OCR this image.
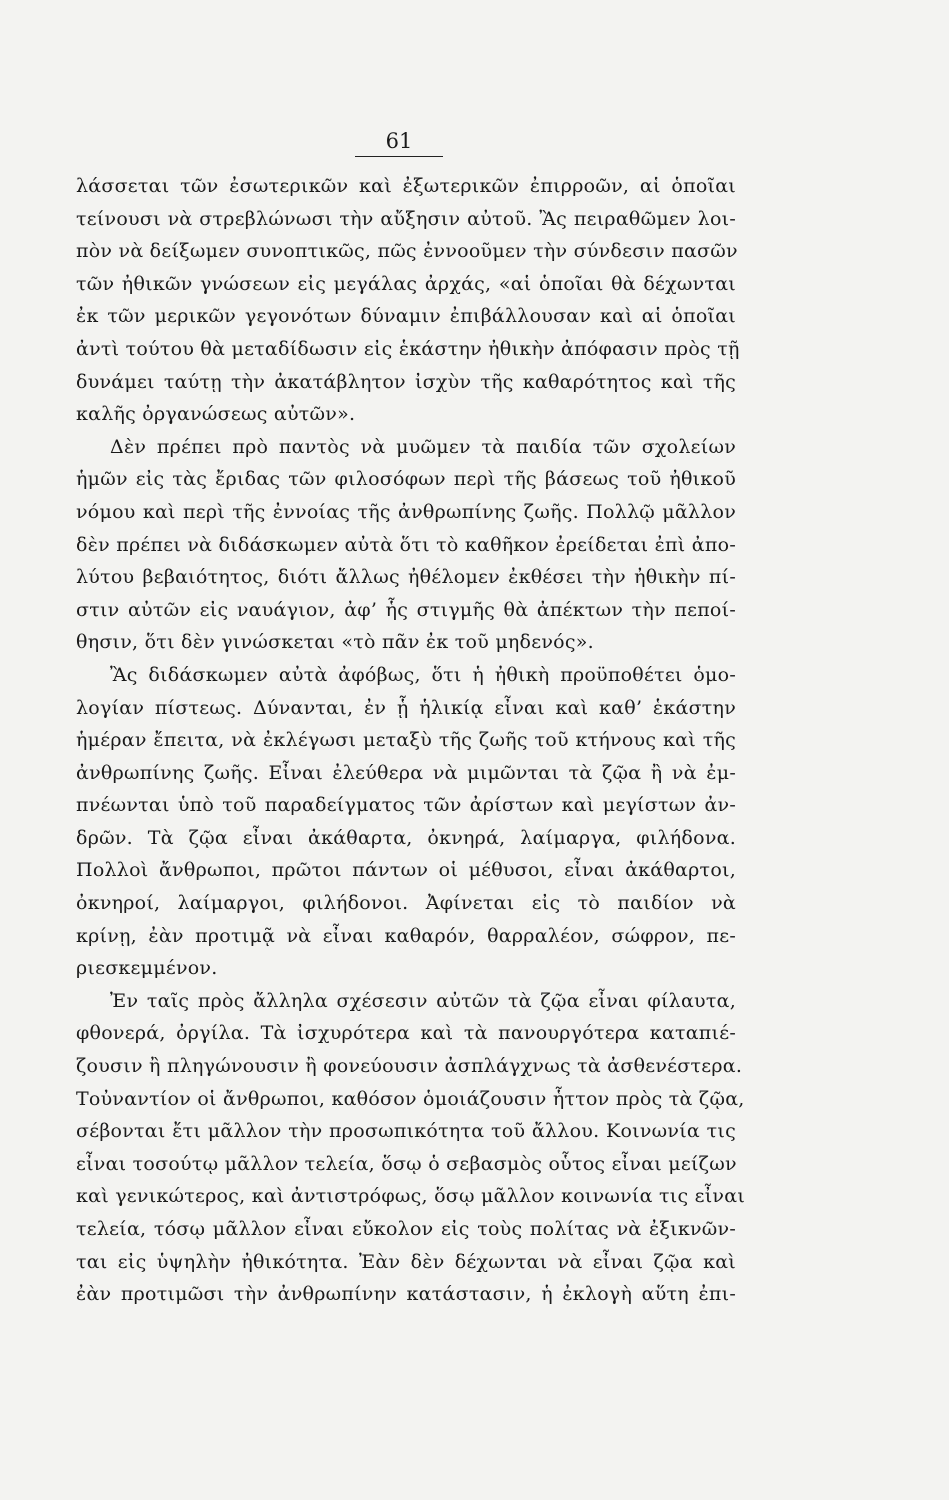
61
λάσσεται τῶν ἐσωτερικῶν καὶ ἐξωτερικῶν ἐπιρροῶν, αἱ ὁποῖαι
τείνουσι νὰ στρεβλώνωσι τὴν αὔξησιν αὐτοῦ. Ἂς πειραθῶμεν λοι-
πὸν νὰ δείξωμεν συνοπτικῶς, πῶς ἐννοοῦμεν τὴν σύνδεσιν πασῶν
τῶν ἠθικῶν γνώσεων εἰς μεγάλας ἀρχάς, «αἱ ὁποῖαι θὰ δέχωνται
ἐκ τῶν μερικῶν γεγονότων δύναμιν ἐπιβάλλουσαν καὶ αἱ ὁποῖαι
ἀντὶ τούτου θὰ μεταδίδωσιν εἰς ἑκάστην ἠθικὴν ἀπόφασιν πρὸς τῇ
δυνάμει ταύτῃ τὴν ἀκατάβλητον ἰσχὺν τῆς καθαρότητος καὶ τῆς
καλῆς ὀργανώσεως αὐτῶν».
Δὲν πρέπει πρὸ παντὸς νὰ μυῶμεν τὰ παιδία τῶν σχολείων
ἡμῶν εἰς τὰς ἔριδας τῶν φιλοσόφων περὶ τῆς βάσεως τοῦ ἠθικοῦ
νόμου καὶ περὶ τῆς ἐννοίας τῆς ἀνθρωπίνης ζωῆς. Πολλῷ μᾶλλον
δὲν πρέπει νὰ διδάσκωμεν αὐτὰ ὅτι τὸ καθῆκον ἐρείδεται ἐπὶ ἀπο-
λύτου βεβαιότητος, διότι ἄλλως ἠθέλομεν ἐκθέσει τὴν ἠθικὴν πί-
στιν αὐτῶν εἰς ναυάγιον, ἀφ’ ἧς στιγμῆς θὰ ἀπέκτων τὴν πεποί-
θησιν, ὅτι δὲν γινώσκεται «τὸ πᾶν ἐκ τοῦ μηδενός».
Ἂς διδάσκωμεν αὐτὰ ἀφόβως, ὅτι ἡ ἠθικὴ προϋποθέτει ὁμο-
λογίαν πίστεως. Δύνανται, ἐν ᾗ ἡλικίᾳ εἶναι καὶ καθ’ ἑκάστην
ἡμέραν ἔπειτα, νὰ ἐκλέγωσι μεταξὺ τῆς ζωῆς τοῦ κτήνους καὶ τῆς
ἀνθρωπίνης ζωῆς. Εἶναι ἐλεύθερα νὰ μιμῶνται τὰ ζῷα ἢ νὰ ἐμ-
πνέωνται ὑπὸ τοῦ παραδείγματος τῶν ἀρίστων καὶ μεγίστων ἀν-
δρῶν. Τὰ ζῷα εἶναι ἀκάθαρτα, ὀκνηρά, λαίμαργα, φιλήδονα.
Πολλοὶ ἄνθρωποι, πρῶτοι πάντων οἱ μέθυσοι, εἶναι ἀκάθαρτοι,
ὀκνηροί, λαίμαργοι, φιλήδονοι. Ἀφίνεται εἰς τὸ παιδίον νὰ
κρίνῃ, ἐὰν προτιμᾷ νὰ εἶναι καθαρόν, θαρραλέον, σώφρον, πε-
ριεσκεμμένον.
Ἐν ταῖς πρὸς ἄλληλα σχέσεσιν αὐτῶν τὰ ζῷα εἶναι φίλαυτα,
φθονερά, ὀργίλα. Τὰ ἰσχυρότερα καὶ τὰ πανουργότερα καταπιέ-
ζουσιν ἢ πληγώνουσιν ἢ φονεύουσιν ἀσπλάγχνως τὰ ἀσθενέστερα.
Τοὐναντίον οἱ ἄνθρωποι, καθόσον ὁμοιάζουσιν ἧττον πρὸς τὰ ζῷα,
σέβονται ἔτι μᾶλλον τὴν προσωπικότητα τοῦ ἄλλου. Κοινωνία τις
εἶναι τοσούτῳ μᾶλλον τελεία, ὅσῳ ὁ σεβασμὸς οὗτος εἶναι μείζων
καὶ γενικώτερος, καὶ ἀντιστρόφως, ὅσῳ μᾶλλον κοινωνία τις εἶναι
τελεία, τόσῳ μᾶλλον εἶναι εὔκολον εἰς τοὺς πολίτας νὰ ἐξικνῶν-
ται εἰς ὑψηλὴν ἠθικότητα. Ἐὰν δὲν δέχωνται νὰ εἶναι ζῷα καὶ
ἐὰν προτιμῶσι τὴν ἀνθρωπίνην κατάστασιν, ἡ ἐκλογὴ αὕτη ἐπι-
